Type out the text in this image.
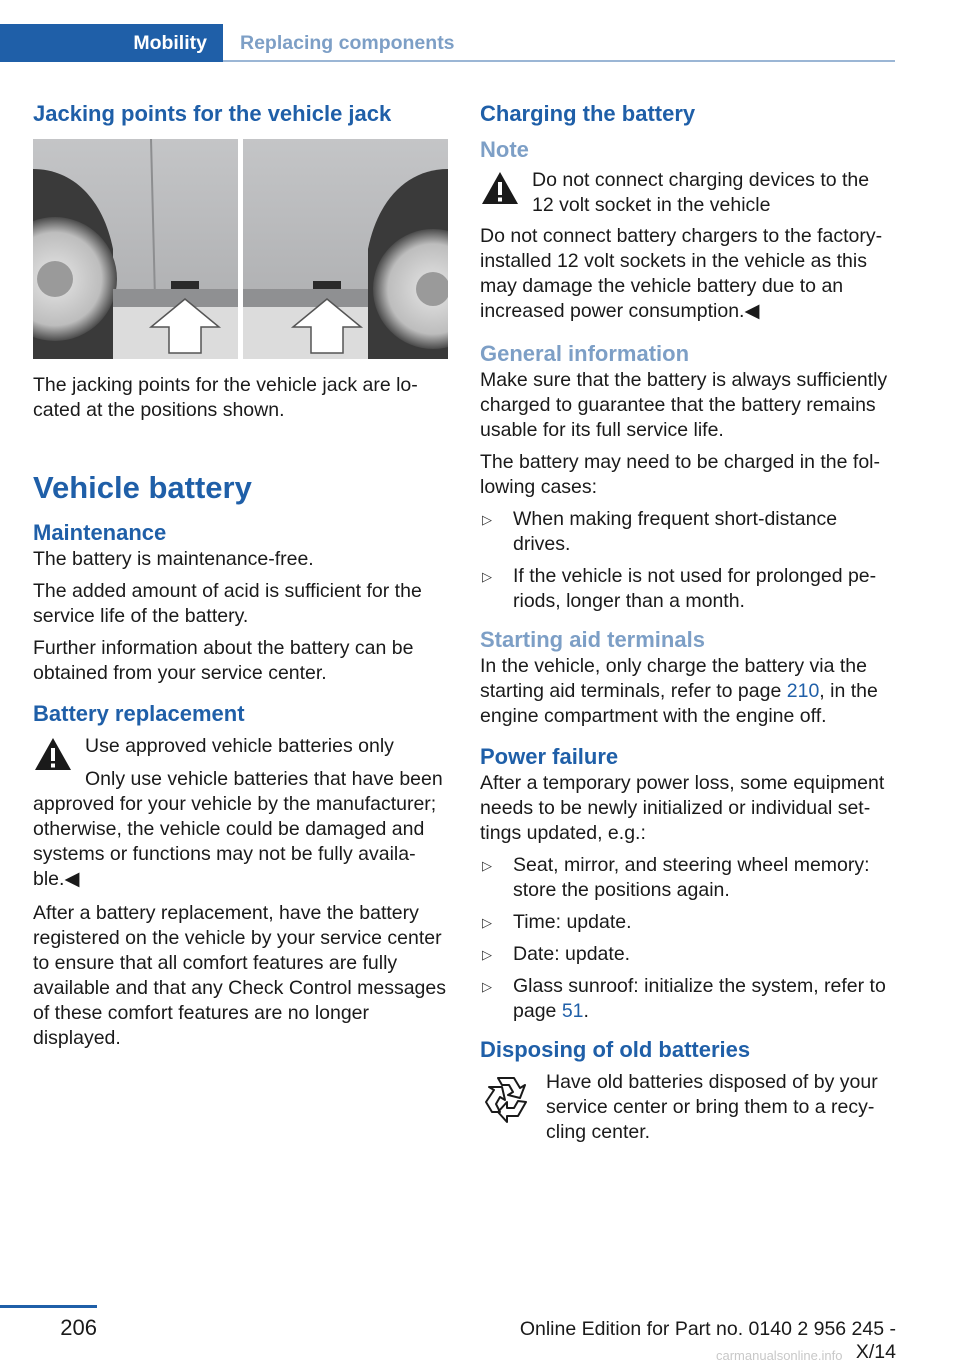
Mobility	Replacing components
Jacking points for the vehicle jack

The jacking points for the vehicle jack are located at the positions shown.

Vehicle battery
Maintenance

The battery is maintenance-free.

The added amount of acid is sufficient for the service life of the battery.

Further information about the battery can be obtained from your service center.

Battery replacement

Use approved vehicle batteries only

Only use vehicle batteries that have been

approved for your vehicle by the manufacturer; otherwise, the vehicle could be damaged and systems or functions may not be fully available.◀

After a battery replacement, have the battery registered on the vehicle by your service center to ensure that all comfort features are fully available and that any Check Control messages of these comfort features are no longer displayed.

Charging the battery
Note

Do not connect charging devices to the 12 volt socket in the vehicle

Do not connect battery chargers to the factory-installed 12 volt sockets in the vehicle as this may damage the vehicle battery due to an increased power consumption.◀

General information

Make sure that the battery is always sufficiently charged to guarantee that the battery remains usable for its full service life.

The battery may need to be charged in the following cases:

▷ When making frequent short-distance drives.
▷ If the vehicle is not used for prolonged periods, longer than a month.
Starting aid terminals

In the vehicle, only charge the battery via the starting aid terminals, refer to page 210, in the engine compartment with the engine off.

Power failure

After a temporary power loss, some equipment needs to be newly initialized or individual settings updated, e.g.:

▷ Seat, mirror, and steering wheel memory: store the positions again.
▷ Time: update.
▷ Date: update.
▷ Glass sunroof: initialize the system, refer to page 51.
Disposing of old batteries

Have old batteries disposed of by your service center or bring them to a recycling center.

206	Online Edition for Part no. 0140 2 956 245 - X/14
carmanualsonline.info
